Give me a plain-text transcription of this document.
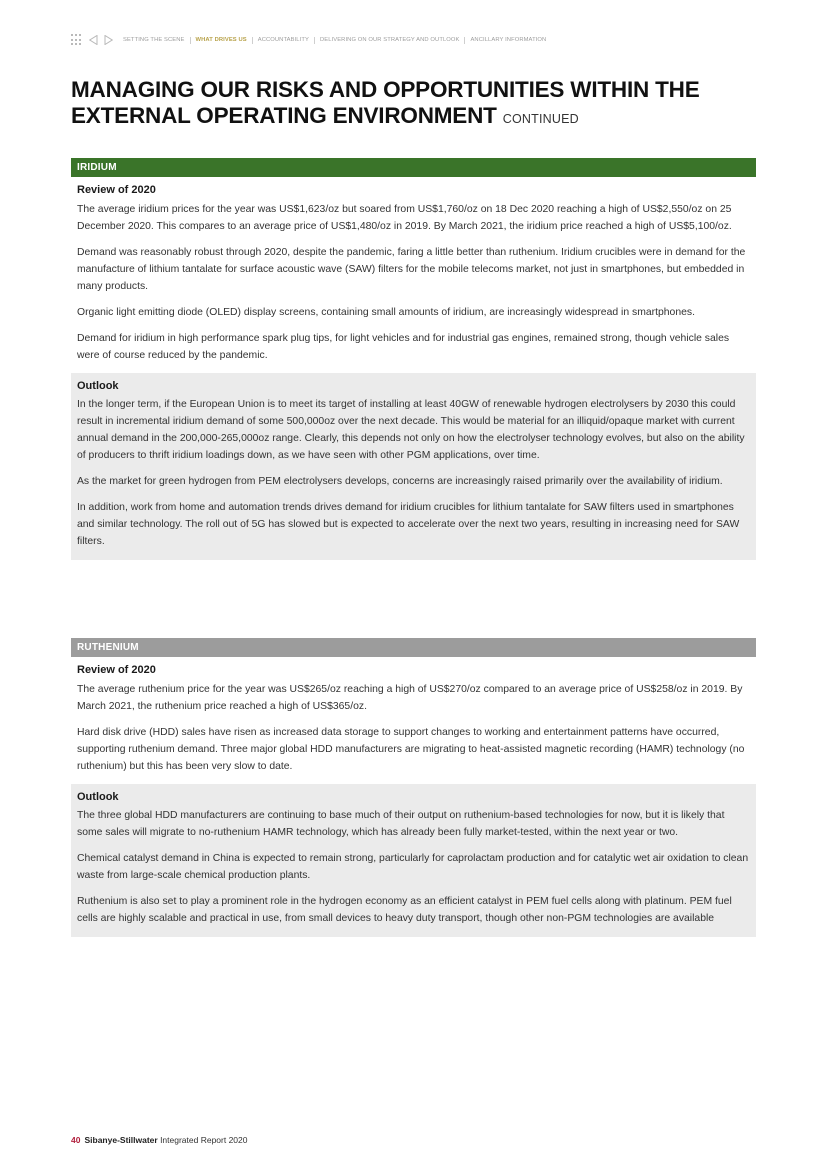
SETTING THE SCENE WHAT DRIVES US ACCOUNTABILITY DELIVERING ON OUR STRATEGY AND OUTLOOK ANCILLARY INFORMATION
MANAGING OUR RISKS AND OPPORTUNITIES WITHIN THE EXTERNAL OPERATING ENVIRONMENT CONTINUED
IRIDIUM
Review of 2020

The average iridium prices for the year was US$1,623/oz but soared from US$1,760/oz on 18 Dec 2020 reaching a high of US$2,550/oz on 25 December 2020. This compares to an average price of US$1,480/oz in 2019. By March 2021, the iridium price reached a high of US$5,100/oz.

Demand was reasonably robust through 2020, despite the pandemic, faring a little better than ruthenium. Iridium crucibles were in demand for the manufacture of lithium tantalate for surface acoustic wave (SAW) filters for the mobile telecoms market, not just in smartphones, but embedded in many products.

Organic light emitting diode (OLED) display screens, containing small amounts of iridium, are increasingly widespread in smartphones.

Demand for iridium in high performance spark plug tips, for light vehicles and for industrial gas engines, remained strong, though vehicle sales were of course reduced by the pandemic.

Outlook

In the longer term, if the European Union is to meet its target of installing at least 40GW of renewable hydrogen electrolysers by 2030 this could result in incremental iridium demand of some 500,000oz over the next decade. This would be material for an illiquid/opaque market with current annual demand in the 200,000-265,000oz range. Clearly, this depends not only on how the electrolyser technology evolves, but also on the ability of producers to thrift iridium loadings down, as we have seen with other PGM applications, over time.

As the market for green hydrogen from PEM electrolysers develops, concerns are increasingly raised primarily over the availability of iridium.

In addition, work from home and automation trends drives demand for iridium crucibles for lithium tantalate for SAW filters used in smartphones and similar technology. The roll out of 5G has slowed but is expected to accelerate over the next two years, resulting in increasing need for SAW filters.

RUTHENIUM
Review of 2020

The average ruthenium price for the year was US$265/oz reaching a high of US$270/oz compared to an average price of US$258/oz in 2019. By March 2021, the ruthenium price reached a high of US$365/oz.

Hard disk drive (HDD) sales have risen as increased data storage to support changes to working and entertainment patterns have occurred, supporting ruthenium demand. Three major global HDD manufacturers are migrating to heat-assisted magnetic recording (HAMR) technology (no ruthenium) but this has been very slow to date.

Outlook

The three global HDD manufacturers are continuing to base much of their output on ruthenium-based technologies for now, but it is likely that some sales will migrate to no-ruthenium HAMR technology, which has already been fully market-tested, within the next year or two.

Chemical catalyst demand in China is expected to remain strong, particularly for caprolactam production and for catalytic wet air oxidation to clean waste from large-scale chemical production plants.

Ruthenium is also set to play a prominent role in the hydrogen economy as an efficient catalyst in PEM fuel cells along with platinum. PEM fuel cells are highly scalable and practical in use, from small devices to heavy duty transport, though other non-PGM technologies are available

40 Sibanye-Stillwater Integrated Report 2020
